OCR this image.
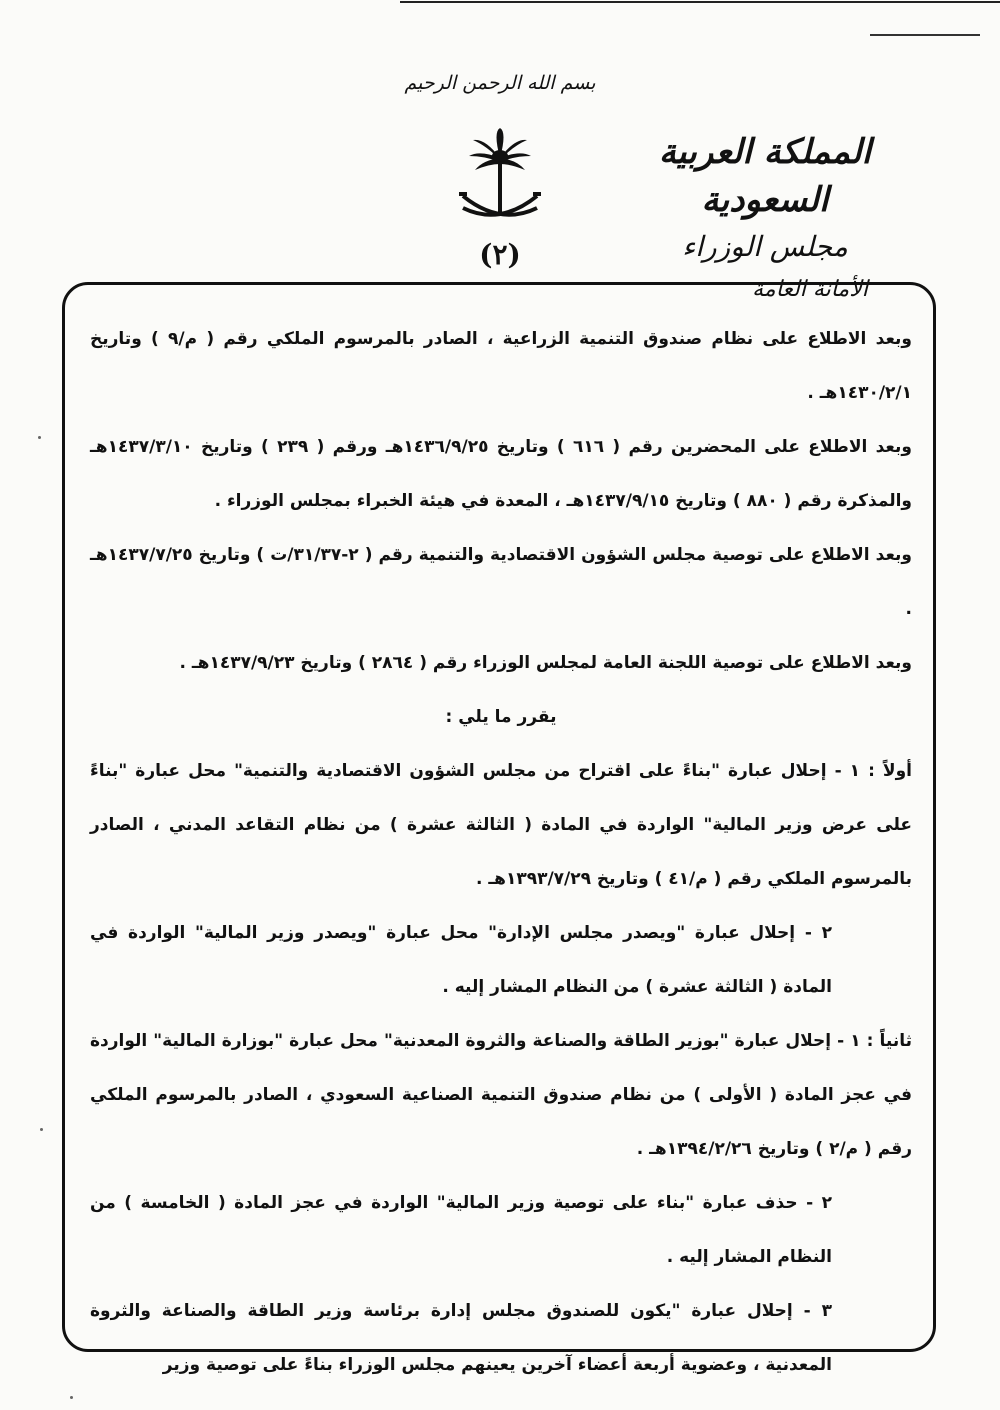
بسم الله الرحمن الرحيم
(٢)
المملكة العربية السعودية
مجلس الوزراء
الأمانة العامة

وبعد الاطلاع على نظام صندوق التنمية الزراعية ، الصادر بالمرسوم الملكي رقم ( م/٩ ) وتاريخ ١٤٣٠/٢/١هـ .

وبعد الاطلاع على المحضرين رقم ( ٦١٦ ) وتاريخ ١٤٣٦/٩/٢٥هـ ورقم ( ٢٣٩ ) وتاريخ ١٤٣٧/٣/١٠هـ والمذكرة رقم ( ٨٨٠ ) وتاريخ ١٤٣٧/٩/١٥هـ ، المعدة في هيئة الخبراء بمجلس الوزراء .

وبعد الاطلاع على توصية مجلس الشؤون الاقتصادية والتنمية رقم ( ٢-٣١/٣٧/ت ) وتاريخ ١٤٣٧/٧/٢٥هـ .

وبعد الاطلاع على توصية اللجنة العامة لمجلس الوزراء رقم ( ٢٨٦٤ ) وتاريخ ١٤٣٧/٩/٢٣هـ .

يقرر ما يلي :

أولاً : ١ - إحلال عبارة "بناءً على اقتراح من مجلس الشؤون الاقتصادية والتنمية" محل عبارة "بناءً على عرض وزير المالية" الواردة في المادة ( الثالثة عشرة ) من نظام التقاعد المدني ، الصادر بالمرسوم الملكي رقم ( م/٤١ ) وتاريخ ١٣٩٣/٧/٢٩هـ .

٢ - إحلال عبارة "ويصدر مجلس الإدارة" محل عبارة "ويصدر وزير المالية" الواردة في المادة ( الثالثة عشرة ) من النظام المشار إليه .

ثانياً : ١ - إحلال عبارة "بوزير الطاقة والصناعة والثروة المعدنية" محل عبارة "بوزارة المالية" الواردة في عجز المادة ( الأولى ) من نظام صندوق التنمية الصناعية السعودي ، الصادر بالمرسوم الملكي رقم ( م/٢ ) وتاريخ ١٣٩٤/٢/٢٦هـ .

٢ - حذف عبارة "بناء على توصية وزير المالية" الواردة في عجز المادة ( الخامسة ) من النظام المشار إليه .

٣ - إحلال عبارة "يكون للصندوق مجلس إدارة برئاسة وزير الطاقة والصناعة والثروة المعدنية ، وعضوية أربعة أعضاء آخرين يعينهم مجلس الوزراء بناءً على توصية وزير
